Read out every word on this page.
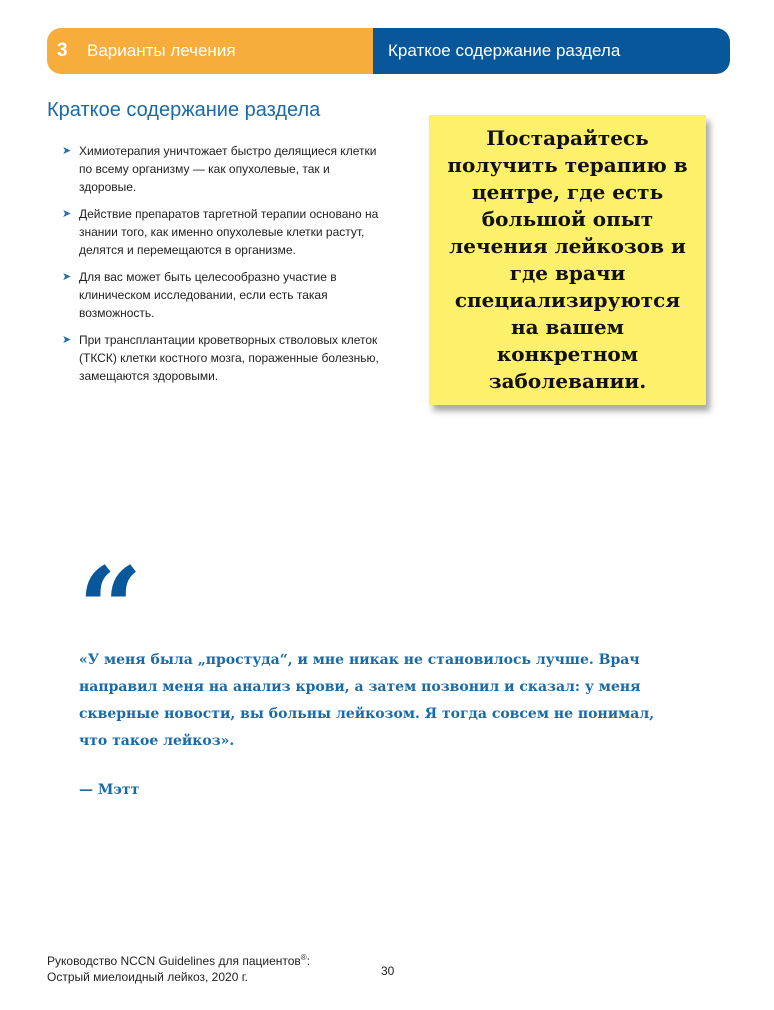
3	Варианты лечения	Краткое содержание раздела
Краткое содержание раздела
➤ Химиотерапия уничтожает быстро делящиеся клетки по всему организму — как опухолевые, так и здоровые.
➤ Действие препаратов таргетной терапии основано на знании того, как именно опухолевые клетки растут, делятся и перемещаются в организме.
➤ Для вас может быть целесообразно участие в клиническом исследовании, если есть такая возможность.
➤ При трансплантации кроветворных стволовых клеток (ТКСК) клетки костного мозга, пораженные болезнью, замещаются здоровыми.
Постарайтесь получить терапию в центре, где есть большой опыт лечения лейкозов и где врачи специализируются на вашем конкретном заболевании.
“
«У меня была „простуда“, и мне никак не становилось лучше. Врач направил меня на анализ крови, а затем позвонил и сказал: у меня скверные новости, вы больны лейкозом. Я тогда совсем не понимал, что такое лейкоз».
— Мэтт
Руководство NCCN Guidelines для пациентов®:
Острый миелоидный лейкоз, 2020 г.	30
